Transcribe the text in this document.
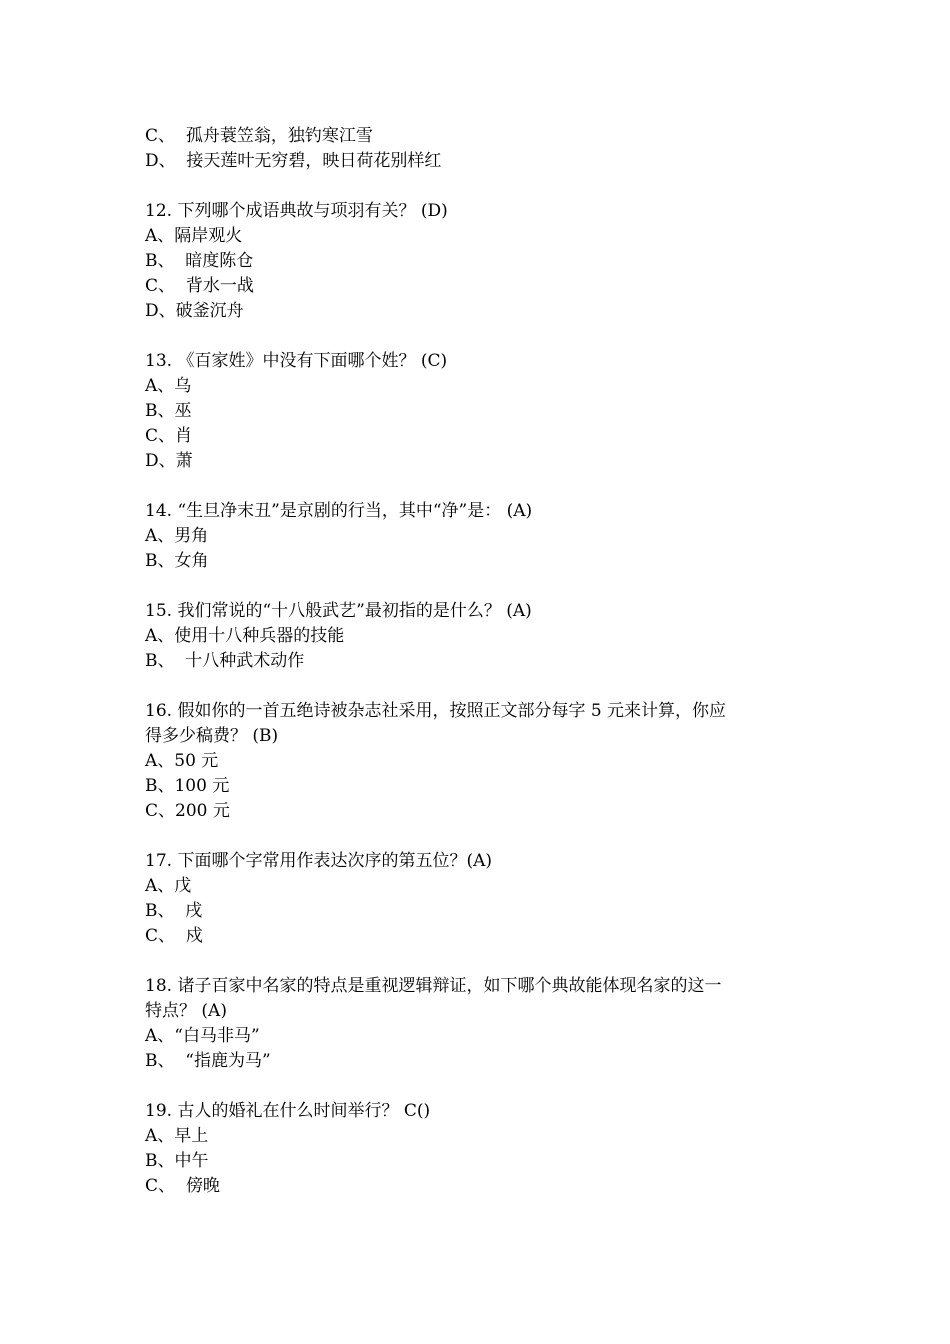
C、  孤舟蓑笠翁，独钓寒江雪
D、  接天莲叶无穷碧，映日荷花别样红
12. 下列哪个成语典故与项羽有关？ (D)
A、隔岸观火
B、  暗度陈仓
C、  背水一战
D、破釜沉舟
13. 《百家姓》中没有下面哪个姓？ (C)
A、乌
B、巫
C、肖
D、萧
14. “生旦净末丑”是京剧的行当，其中“净”是： (A)
A、男角
B、女角
15. 我们常说的“十八般武艺”最初指的是什么？ (A)
A、使用十八种兵器的技能
B、  十八种武术动作
16. 假如你的一首五绝诗被杂志社采用，按照正文部分每字 5 元来计算，你应
得多少稿费？ (B)
A、50 元
B、100 元
C、200 元
17. 下面哪个字常用作表达次序的第五位？(A)
A、戊
B、  戌
C、  戍
18. 诸子百家中名家的特点是重视逻辑辩证，如下哪个典故能体现名家的这一
特点？ (A)
A、“白马非马”
B、  “指鹿为马”
19. 古人的婚礼在什么时间举行？ C()
A、早上
B、中午
C、  傍晚
